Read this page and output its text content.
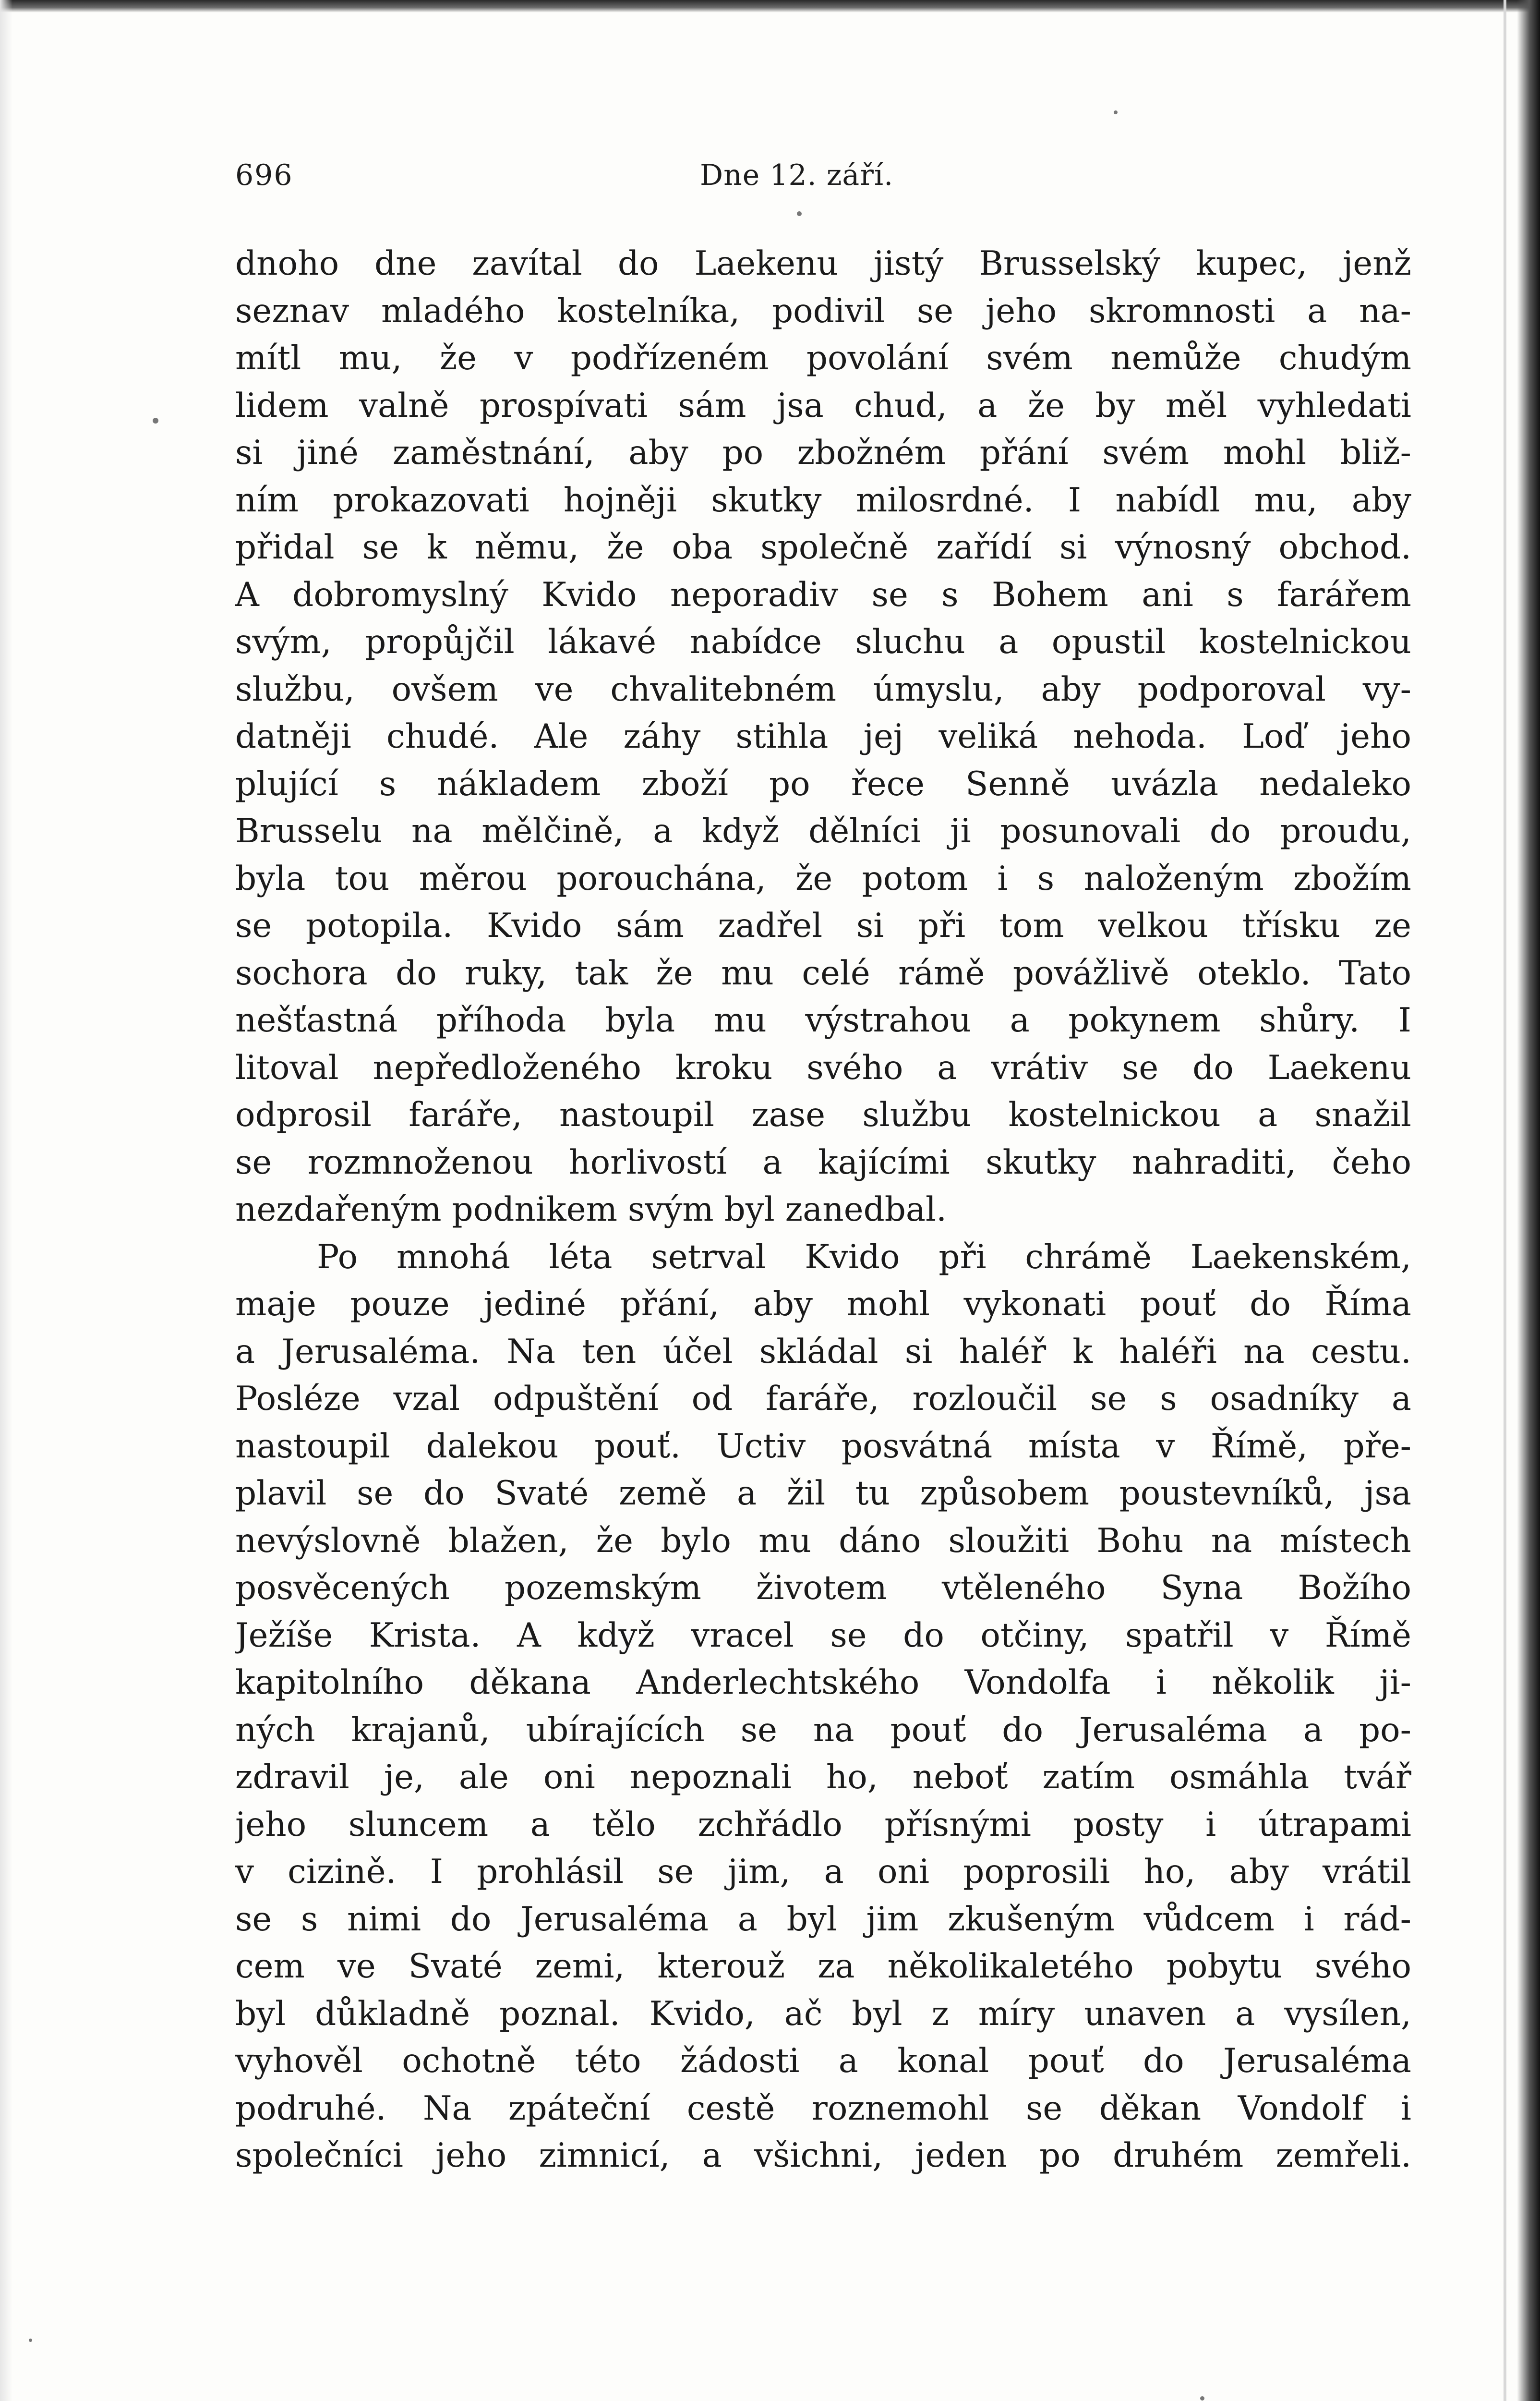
696	Dne 12. září.
dnoho dne zavítal do Laekenu jistý Brusselský kupec, jenž
seznav mladého kostelníka, podivil se jeho skromnosti a na-
mítl mu, že v podřízeném povolání svém nemůže chudým
lidem valně prospívati sám jsa chud, a že by měl vyhledati
si jiné zaměstnání, aby po zbožném přání svém mohl bliž-
ním prokazovati hojněji skutky milosrdné. I nabídl mu, aby
přidal se k němu, že oba společně zařídí si výnosný obchod.
A dobromyslný Kvido neporadiv se s Bohem ani s farářem
svým, propůjčil lákavé nabídce sluchu a opustil kostelnickou
službu, ovšem ve chvalitebném úmyslu, aby podporoval vy-
datněji chudé. Ale záhy stihla jej veliká nehoda. Loď jeho
plující s nákladem zboží po řece Senně uvázla nedaleko
Brusselu na mělčině, a když dělníci ji posunovali do proudu,
byla tou měrou porouchána, že potom i s naloženým zbožím
se potopila. Kvido sám zadřel si při tom velkou třísku ze
sochora do ruky, tak že mu celé rámě povážlivě oteklo. Tato
nešťastná příhoda byla mu výstrahou a pokynem shůry. I
litoval nepředloženého kroku svého a vrátiv se do Laekenu
odprosil faráře, nastoupil zase službu kostelnickou a snažil
se rozmnoženou horlivostí a kajícími skutky nahraditi, čeho
nezdařeným podnikem svým byl zanedbal.
Po mnohá léta setrval Kvido při chrámě Laekenském,
maje pouze jediné přání, aby mohl vykonati pouť do Říma
a Jerusaléma. Na ten účel skládal si haléř k haléři na cestu.
Posléze vzal odpuštění od faráře, rozloučil se s osadníky a
nastoupil dalekou pouť. Uctiv posvátná místa v Římě, pře-
plavil se do Svaté země a žil tu způsobem poustevníků, jsa
nevýslovně blažen, že bylo mu dáno sloužiti Bohu na místech
posvěcených pozemským životem vtěleného Syna Božího
Ježíše Krista. A když vracel se do otčiny, spatřil v Římě
kapitolního děkana Anderlechtského Vondolfa i několik ji-
ných krajanů, ubírajících se na pouť do Jerusaléma a po-
zdravil je, ale oni nepoznali ho, neboť zatím osmáhla tvář
jeho sluncem a tělo zchřádlo přísnými posty i útrapami
v cizině. I prohlásil se jim, a oni poprosili ho, aby vrátil
se s nimi do Jerusaléma a byl jim zkušeným vůdcem i rád-
cem ve Svaté zemi, kterouž za několikaletého pobytu svého
byl důkladně poznal. Kvido, ač byl z míry unaven a vysílen,
vyhověl ochotně této žádosti a konal pouť do Jerusaléma
podruhé. Na zpáteční cestě roznemohl se děkan Vondolf i
společníci jeho zimnicí, a všichni, jeden po druhém zemřeli.
